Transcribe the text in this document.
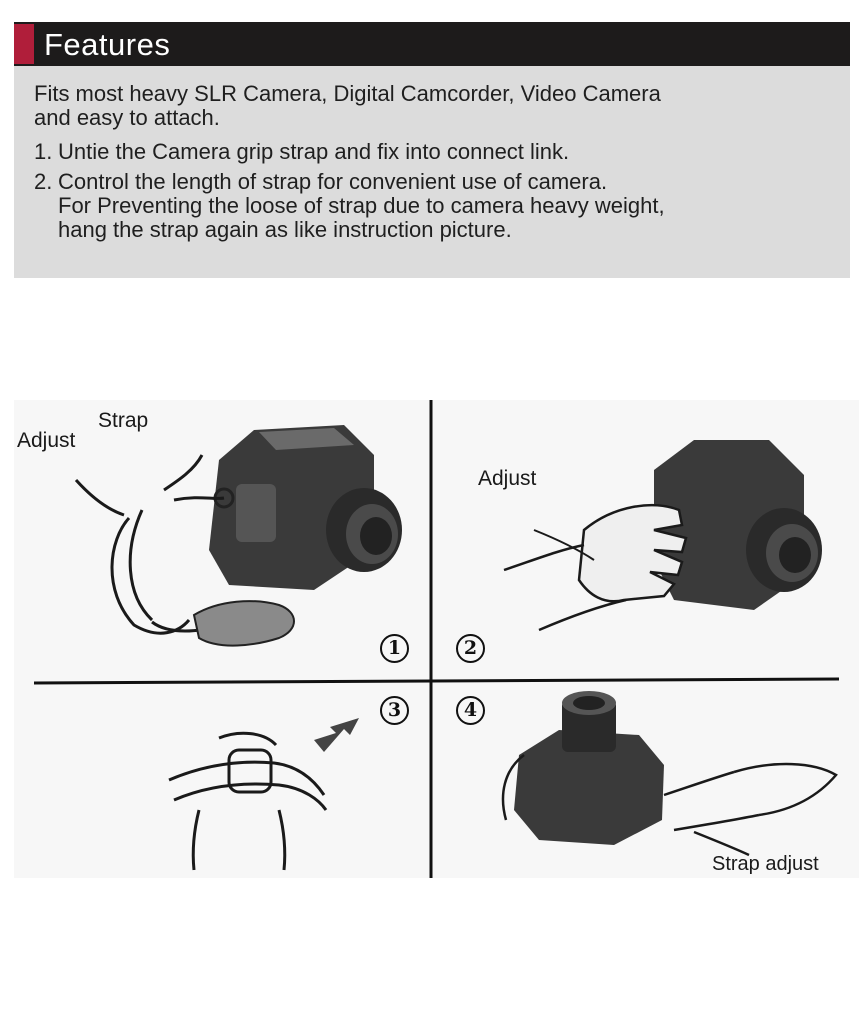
Features

Fits most heavy SLR Camera, Digital Camcorder, Video Camera
and easy to attach.

1. Untie the Camera grip strap and fix into connect link.
2. Control the length of strap for convenient use of camera.
For Preventing the loose of strap due to camera heavy weight,
hang the strap again as like instruction picture.
Adjust
Strap
Adjust
Strap adjust
1	2
3	4
